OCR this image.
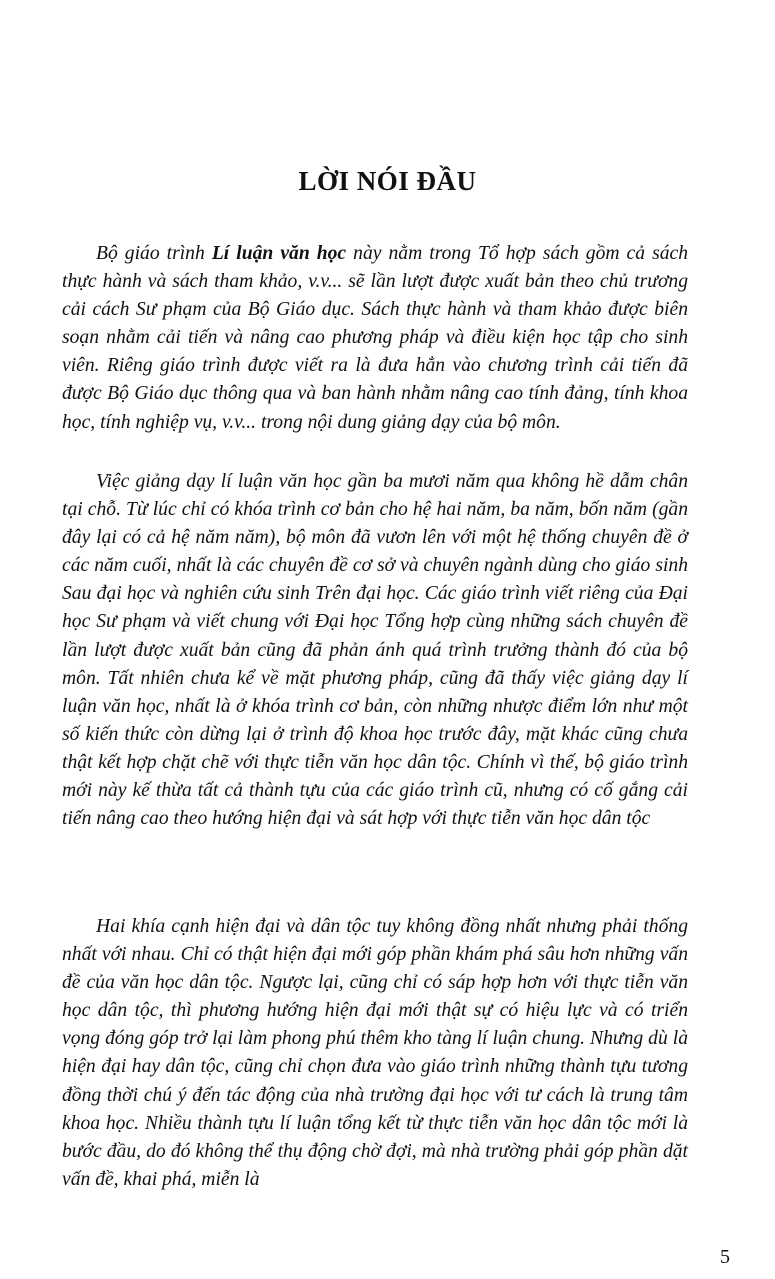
LỜI NÓI ĐẦU

Bộ giáo trình Lí luận văn học này nằm trong Tổ hợp sách gồm cả sách thực hành và sách tham khảo, v.v... sẽ lần lượt được xuất bản theo chủ trương cải cách Sư phạm của Bộ Giáo dục. Sách thực hành và tham khảo được biên soạn nhằm cải tiến và nâng cao phương pháp và điều kiện học tập cho sinh viên. Riêng giáo trình được viết ra là đưa hẳn vào chương trình cải tiến đã được Bộ Giáo dục thông qua và ban hành nhằm nâng cao tính đảng, tính khoa học, tính nghiệp vụ, v.v... trong nội dung giảng dạy của bộ môn.

Việc giảng dạy lí luận văn học gần ba mươi năm qua không hề dẫm chân tại chỗ. Từ lúc chỉ có khóa trình cơ bản cho hệ hai năm, ba năm, bốn năm (gần đây lại có cả hệ năm năm), bộ môn đã vươn lên với một hệ thống chuyên đề ở các năm cuối, nhất là các chuyên đề cơ sở và chuyên ngành dùng cho giáo sinh Sau đại học và nghiên cứu sinh Trên đại học. Các giáo trình viết riêng của Đại học Sư phạm và viết chung với Đại học Tổng hợp cùng những sách chuyên đề lần lượt được xuất bản cũng đã phản ánh quá trình trưởng thành đó của bộ môn. Tất nhiên chưa kể về mặt phương pháp, cũng đã thấy việc giảng dạy lí luận văn học, nhất là ở khóa trình cơ bản, còn những nhược điểm lớn như một số kiến thức còn dừng lại ở trình độ khoa học trước đây, mặt khác cũng chưa thật kết hợp chặt chẽ với thực tiễn văn học dân tộc. Chính vì thế, bộ giáo trình mới này kế thừa tất cả thành tựu của các giáo trình cũ, nhưng có cố gắng cải tiến nâng cao theo hướng hiện đại và sát hợp với thực tiễn văn học dân tộc

Hai khía cạnh hiện đại và dân tộc tuy không đồng nhất nhưng phải thống nhất với nhau. Chỉ có thật hiện đại mới góp phần khám phá sâu hơn những vấn đề của văn học dân tộc. Ngược lại, cũng chỉ có sáp hợp hơn với thực tiễn văn học dân tộc, thì phương hướng hiện đại mới thật sự có hiệu lực và có triển vọng đóng góp trở lại làm phong phú thêm kho tàng lí luận chung. Nhưng dù là hiện đại hay dân tộc, cũng chỉ chọn đưa vào giáo trình những thành tựu tương đồng thời chú ý đến tác động của nhà trường đại học với tư cách là trung tâm khoa học. Nhiều thành tựu lí luận tổng kết từ thực tiễn văn học dân tộc mới là bước đầu, do đó không thể thụ động chờ đợi, mà nhà trường phải góp phần dặt vấn đề, khai phá, miễn là

5
